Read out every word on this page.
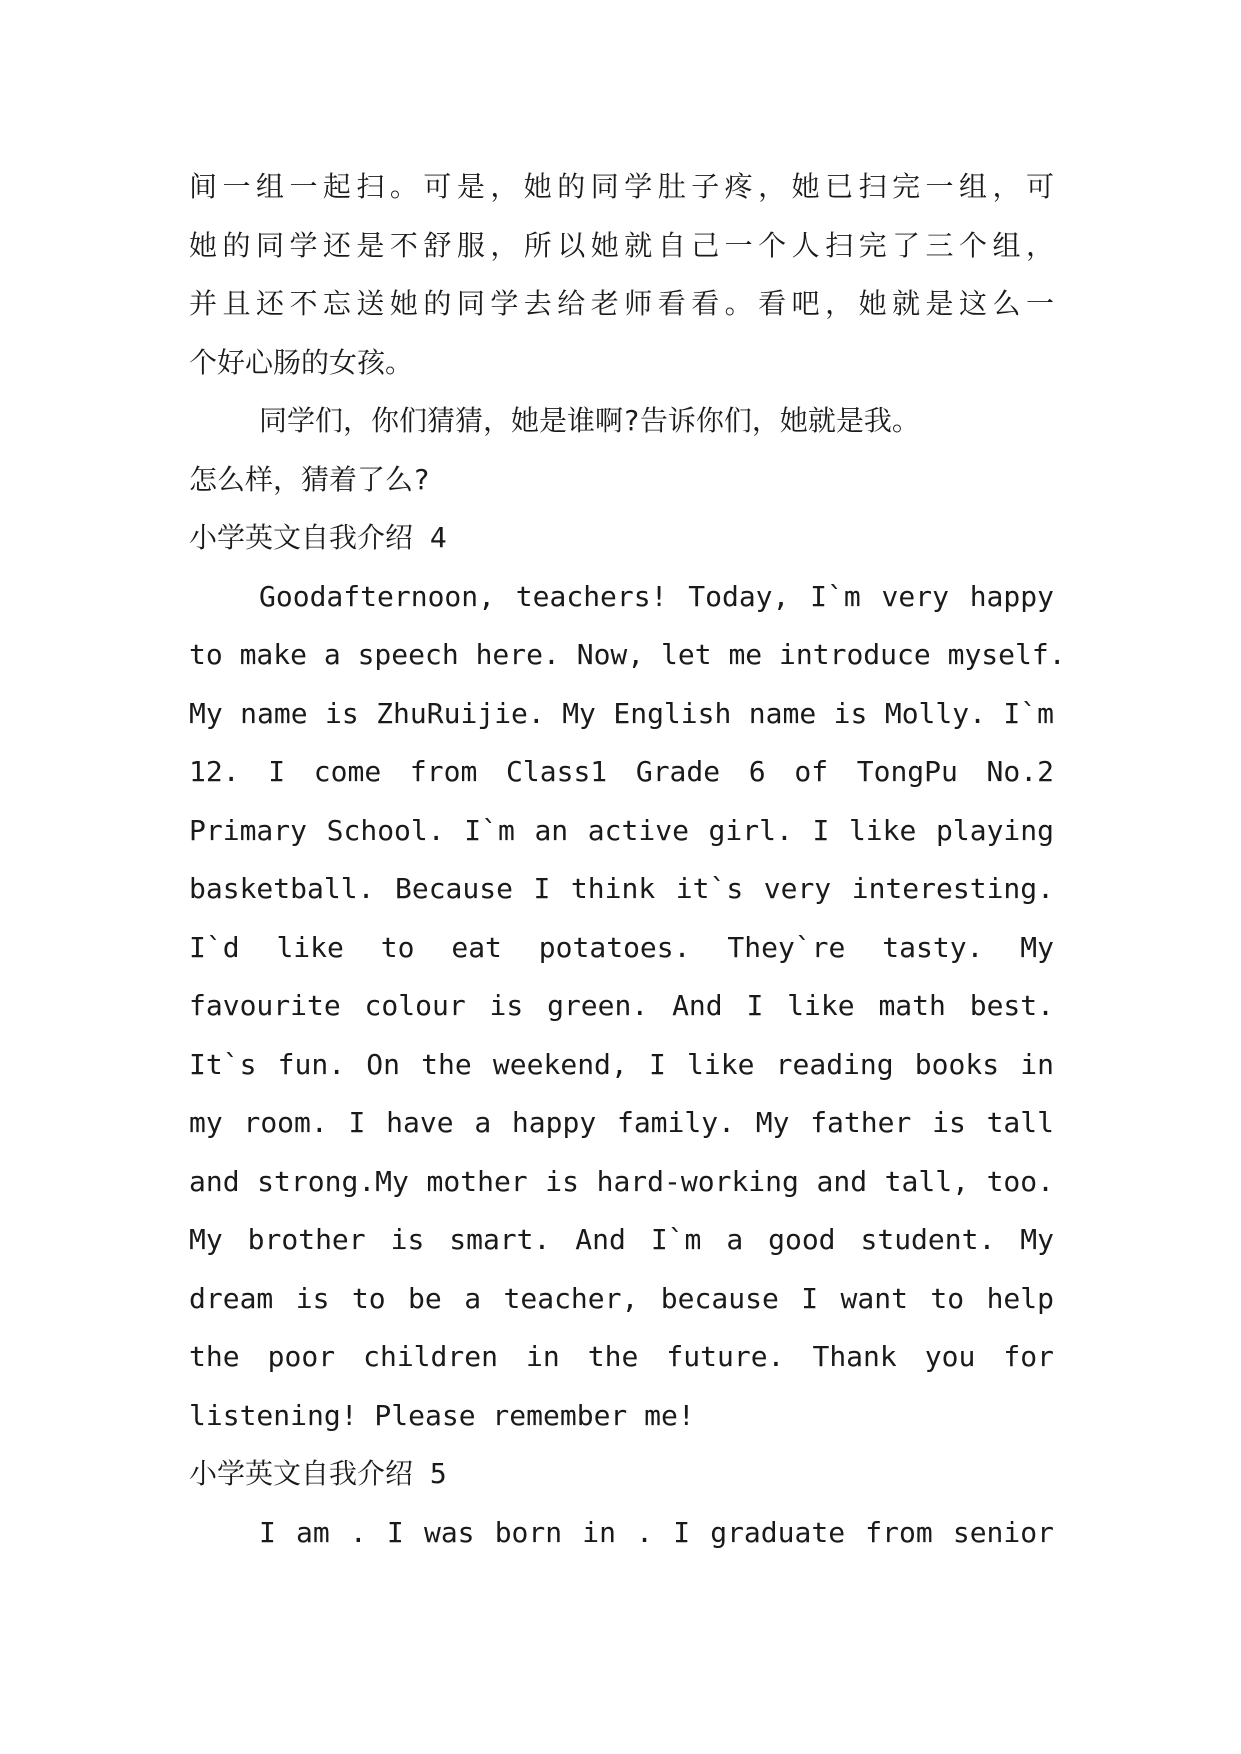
间一组一起扫。可是，她的同学肚子疼，她已扫完一组，可
她的同学还是不舒服，所以她就自己一个人扫完了三个组，
并且还不忘送她的同学去给老师看看。看吧，她就是这么一
个好心肠的女孩。
同学们，你们猜猜，她是谁啊?告诉你们，她就是我。
怎么样，猜着了么?
小学英文自我介绍 4
Goodafternoon, teachers! Today, I`m very happy
to make a speech here. Now, let me introduce myself.
My name is ZhuRuijie. My English name is Molly. I`m
12. I come from Class1 Grade 6 of TongPu No.2
Primary School. I`m an active girl. I like playing
basketball. Because I think it`s very interesting.
I`d like to eat potatoes. They`re tasty. My
favourite colour is green. And I like math best.
It`s fun. On the weekend, I like reading books in
my room. I have a happy family. My father is tall
and strong.My mother is hard-working and tall, too.
My brother is smart. And I`m a good student. My
dream is to be a teacher, because I want to help
the poor children in the future. Thank you for
listening! Please remember me!
小学英文自我介绍 5
I am . I was born in . I graduate from senior
